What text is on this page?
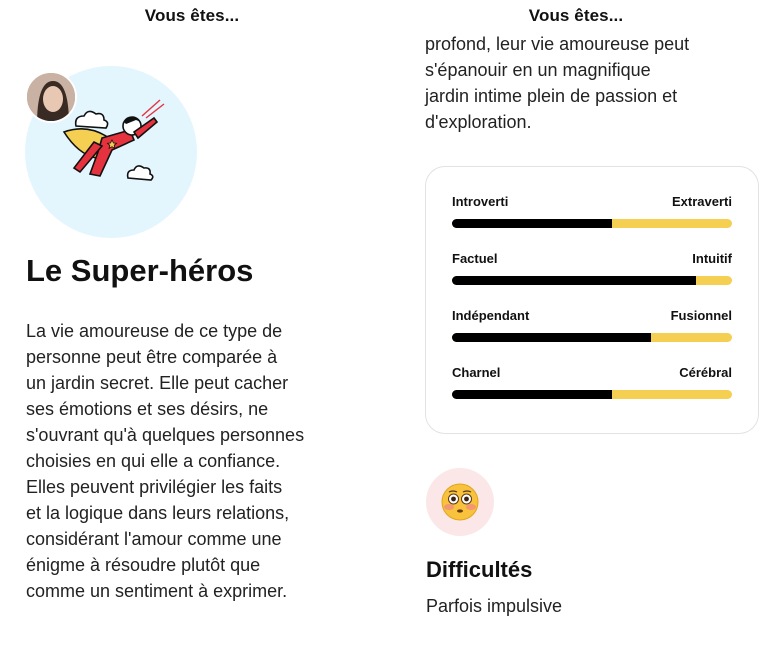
Vous êtes...
Le Super-héros
La vie amoureuse de ce type de
personne peut être comparée à
un jardin secret. Elle peut cacher
ses émotions et ses désirs, ne
s'ouvrant qu'à quelques personnes
choisies en qui elle a confiance.
Elles peuvent privilégier les faits
et la logique dans leurs relations,
considérant l'amour comme une
énigme à résoudre plutôt que
comme un sentiment à exprimer.
profond, leur vie amoureuse peut
s'épanouir en un magnifique
jardin intime plein de passion et
d'exploration.
Vous êtes...
Introverti	Extraverti
Factuel	Intuitif
Indépendant	Fusionnel
Charnel	Cérébral
Difficultés
Parfois impulsive
